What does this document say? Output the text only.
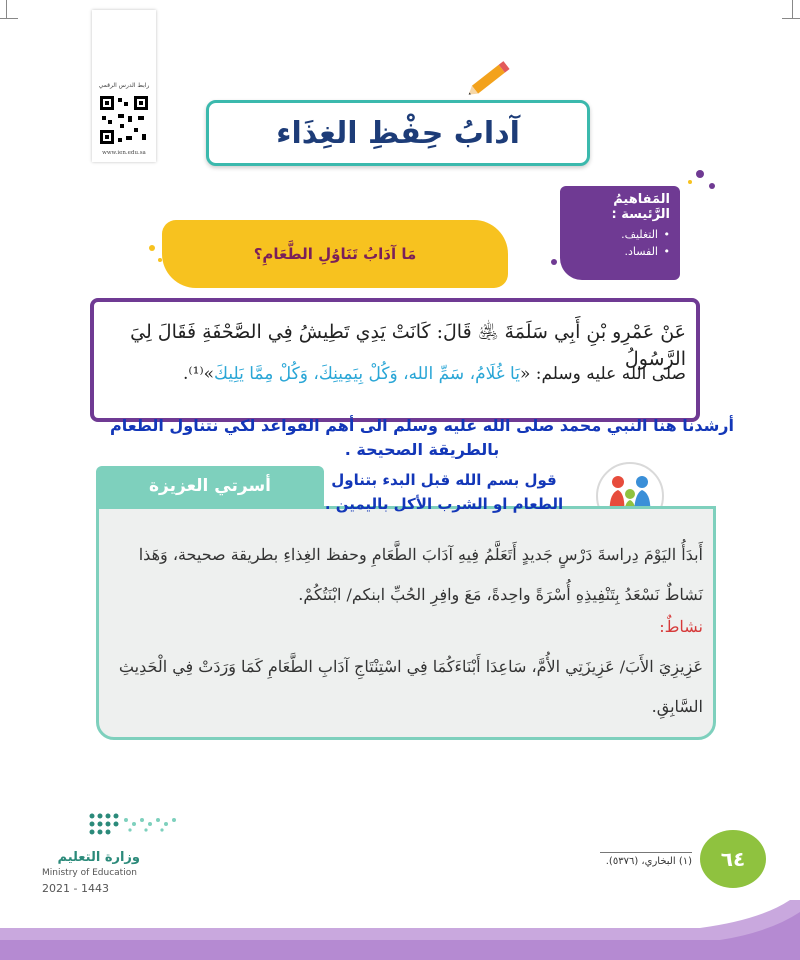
رابط الدرس الرقمي
www.ien.edu.sa
آدابُ حِفْظِ الغِذَاء
المَفاهيمُ الرَّئيسة :
• التغليف.
• الفساد.
مَا آدَابُ تَنَاوُلِ الطَّعَامِ؟
عَنْ عَمْرِو بْنِ أَبِي سَلَمَةَ ﵁ قَالَ: كَانَتْ يَدِي تَطِيشُ فِي الصَّحْفَةِ فَقَالَ لِيَ الرَّسُولُ
صلى الله عليه وسلم: «يَا غُلَامُ، سَمِّ الله، وَكُلْ بِيَمِينِكَ، وَكُلْ مِمَّا يَلِيكَ»⁽¹⁾.
أسرتي العزيزة
أَبدَأُ اليَوْمَ دِراسةَ دَرْسٍ جَديدٍ أَتَعَلَّمُ فِيهِ آدَابَ الطَّعَامِ وحفظ الغِذاءِ بطريقة صحيحة، وَهَذا نَشاطٌ نَسْعَدُ بِتَنْفِيذِهِ أُسْرَةً واحِدةً، مَعَ وافِرِ الحُبِّ ابنكم/ ابْنَتُكُمْ.
نشاطٌ:
عَزِيزِيَ الأَبَ/ عَزِيزَتِي الأُمَّ، سَاعِدَا أَبْنَاءَكُمَا فِي اسْتِنْتَاجِ آدَابِ الطَّعَامِ كَمَا وَرَدَتْ فِي الْحَدِيثِ السَّابِقِ.
أرشدنا هنا النبي محمد صلى الله عليه وسلم الى أهم القواعد لكي نتناول الطعام بالطريقة الصحيحة .
قول بسم الله قبل البدء بتناول الطعام او الشرب الأكل باليمين .
(١) البخاري، (٥٣٧٦). ٦٤
وزارة التعليم
Ministry of Education
2021 - 1443
